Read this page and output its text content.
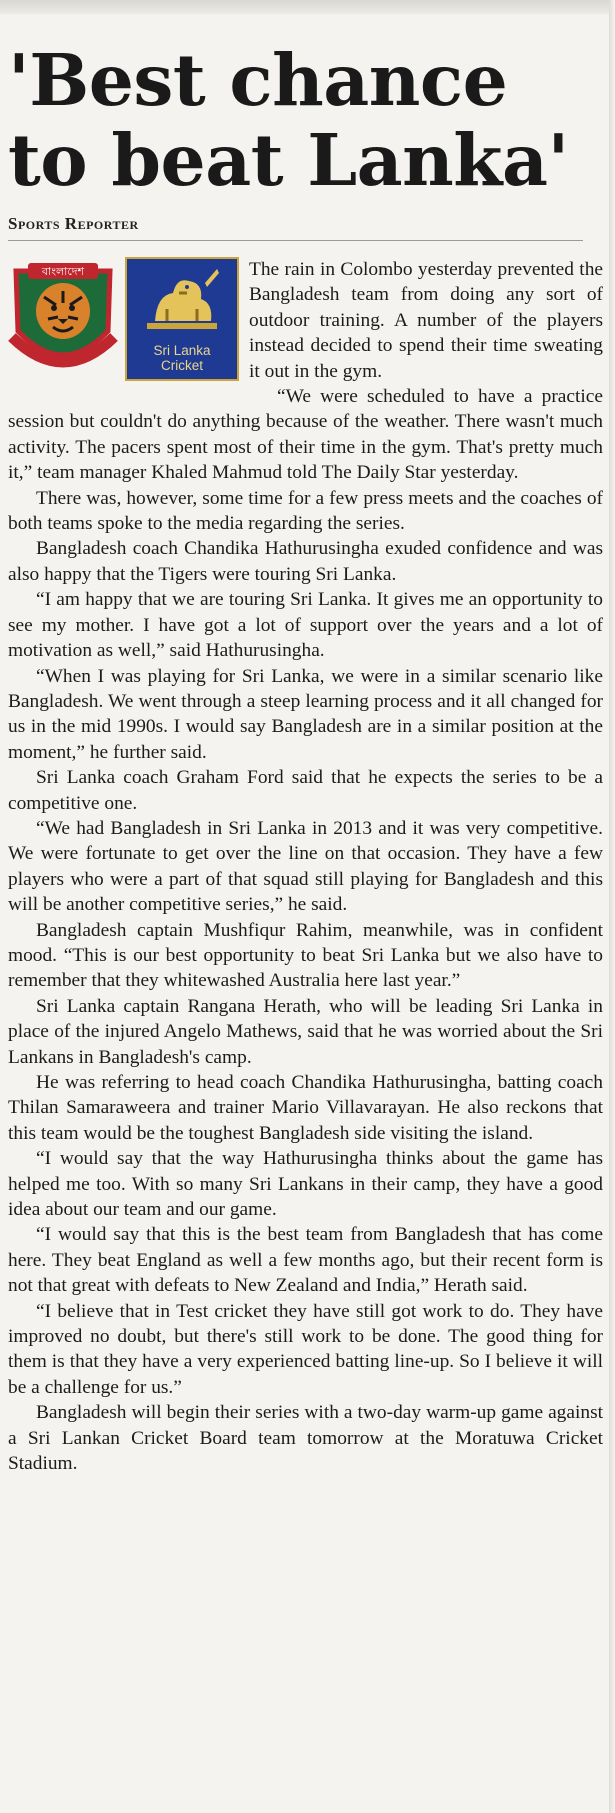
'Best chance
to beat Lanka'
Sports Reporter
বাংলাদেশ
Sri Lanka
Cricket

The rain in Colombo yesterday prevented the Bangladesh team from doing any sort of outdoor training. A number of the players instead decided to spend their time sweating it out in the gym.

“We were scheduled to have a practice session but couldn't do anything because of the weather. There wasn't much activity. The pacers spent most of their time in the gym. That's pretty much it,” team manager Khaled Mahmud told The Daily Star yesterday.

There was, however, some time for a few press meets and the coaches of both teams spoke to the media regarding the series.

Bangladesh coach Chandika Hathurusingha exuded confidence and was also happy that the Tigers were touring Sri Lanka.

“I am happy that we are touring Sri Lanka. It gives me an opportunity to see my mother. I have got a lot of support over the years and a lot of motivation as well,” said Hathurusingha.

“When I was playing for Sri Lanka, we were in a similar scenario like Bangladesh. We went through a steep learning process and it all changed for us in the mid 1990s. I would say Bangladesh are in a similar position at the moment,” he further said.

Sri Lanka coach Graham Ford said that he expects the series to be a competitive one.

“We had Bangladesh in Sri Lanka in 2013 and it was very competitive. We were fortunate to get over the line on that occasion. They have a few players who were a part of that squad still playing for Bangladesh and this will be another competitive series,” he said.

Bangladesh captain Mushfiqur Rahim, meanwhile, was in confident mood. “This is our best opportunity to beat Sri Lanka but we also have to remember that they whitewashed Australia here last year.”

Sri Lanka captain Rangana Herath, who will be leading Sri Lanka in place of the injured Angelo Mathews, said that he was worried about the Sri Lankans in Bangladesh's camp.

He was referring to head coach Chandika Hathurusingha, batting coach Thilan Samaraweera and trainer Mario Villavarayan. He also reckons that this team would be the toughest Bangladesh side visiting the island.

“I would say that the way Hathurusingha thinks about the game has helped me too. With so many Sri Lankans in their camp, they have a good idea about our team and our game.

“I would say that this is the best team from Bangladesh that has come here. They beat England as well a few months ago, but their recent form is not that great with defeats to New Zealand and India,” Herath said.

“I believe that in Test cricket they have still got work to do. They have improved no doubt, but there's still work to be done. The good thing for them is that they have a very experienced batting line-up. So I believe it will be a challenge for us.”

Bangladesh will begin their series with a two-day warm-up game against a Sri Lankan Cricket Board team tomorrow at the Moratuwa Cricket Stadium.
